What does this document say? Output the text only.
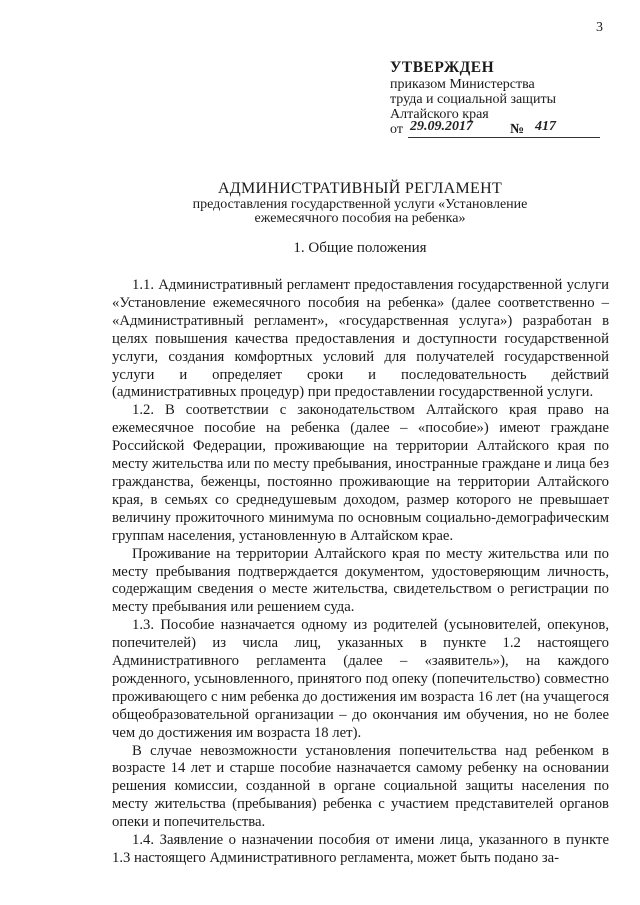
3
УТВЕРЖДЕН
приказом Министерства
труда и социальной защиты
Алтайского края
от 29.09.2017	№ 417
АДМИНИСТРАТИВНЫЙ РЕГЛАМЕНТ
предоставления государственной услуги «Установление
ежемесячного пособия на ребенка»
1. Общие положения

1.1. Административный регламент предоставления государственной услуги «Установление ежемесячного пособия на ребенка» (далее соответственно – «Административный регламент», «государственная услуга») разработан в целях повышения качества предоставления и доступности государственной услуги, создания комфортных условий для получателей государственной услуги и определяет сроки и последовательность действий (административных процедур) при предоставлении государственной услуги.

1.2. В соответствии с законодательством Алтайского края право на ежемесячное пособие на ребенка (далее – «пособие») имеют граждане Российской Федерации, проживающие на территории Алтайского края по месту жительства или по месту пребывания, иностранные граждане и лица без гражданства, беженцы, постоянно проживающие на территории Алтайского края, в семьях со среднедушевым доходом, размер которого не превышает величину прожиточного минимума по основным социально-демографическим группам населения, установленную в Алтайском крае.

Проживание на территории Алтайского края по месту жительства или по месту пребывания подтверждается документом, удостоверяющим личность, содержащим сведения о месте жительства, свидетельством о регистрации по месту пребывания или решением суда.

1.3. Пособие назначается одному из родителей (усыновителей, опекунов, попечителей) из числа лиц, указанных в пункте 1.2 настоящего Административного регламента (далее – «заявитель»), на каждого рожденного, усыновленного, принятого под опеку (попечительство) совместно проживающего с ним ребенка до достижения им возраста 16 лет (на учащегося общеобразовательной организации – до окончания им обучения, но не более чем до достижения им возраста 18 лет).

В случае невозможности установления попечительства над ребенком в возрасте 14 лет и старше пособие назначается самому ребенку на основании решения комиссии, созданной в органе социальной защиты населения по месту жительства (пребывания) ребенка с участием представителей органов опеки и попечительства.

1.4. Заявление о назначении пособия от имени лица, указанного в пункте 1.3 настоящего Административного регламента, может быть подано за-
